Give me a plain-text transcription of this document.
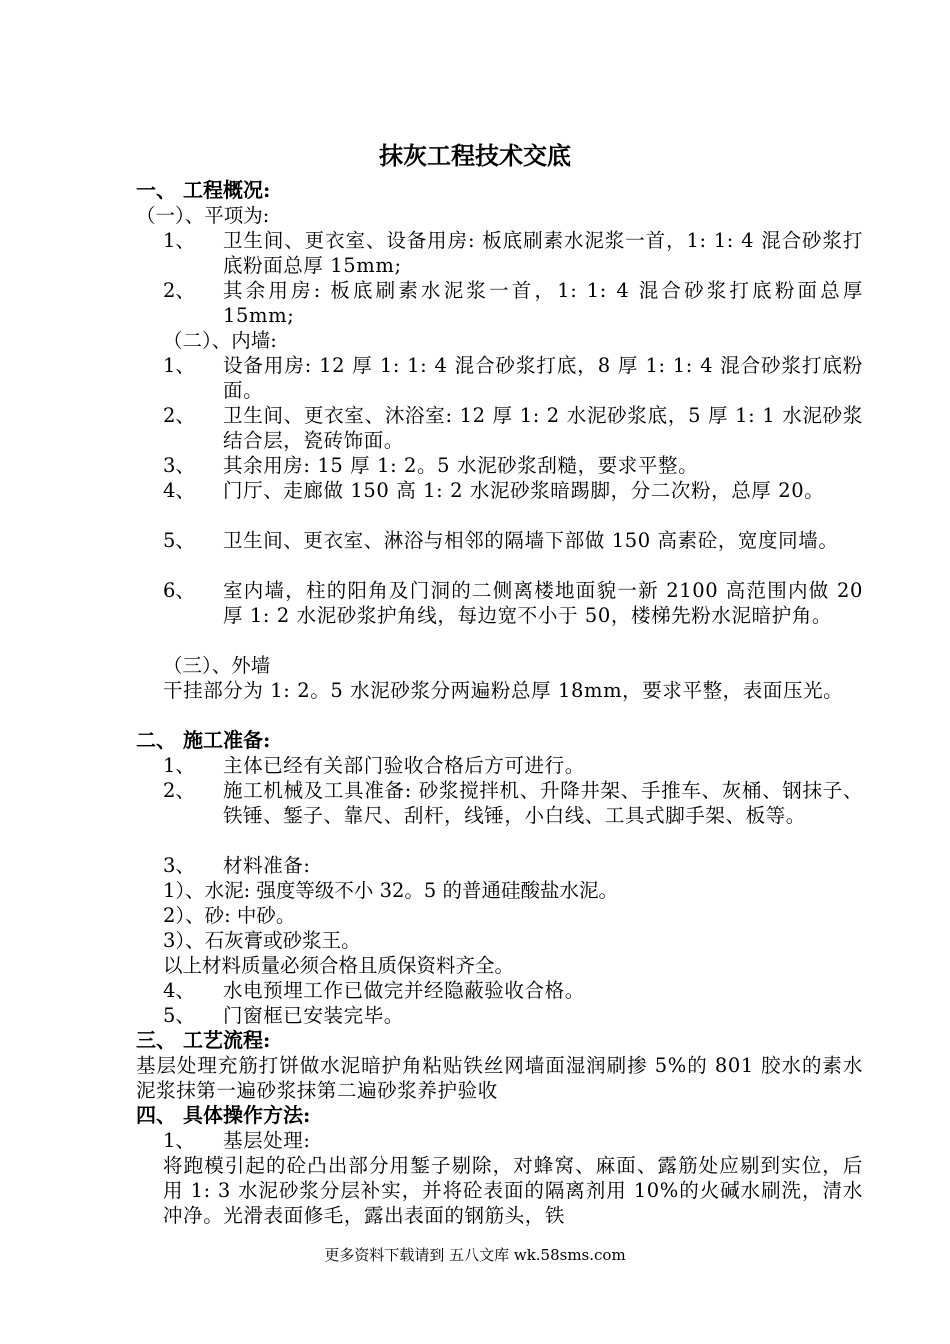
抹灰工程技术交底
一、 工程概况:
（一）、平项为:
1、 卫生间、更衣室、设备用房: 板底刷素水泥浆一首，1: 1: 4 混合砂浆打底粉面总厚 15mm;
2、 其余用房: 板底刷素水泥浆一首，1: 1: 4 混合砂浆打底粉面总厚 15mm;
（二）、内墙:
1、 设备用房: 12 厚 1: 1: 4 混合砂浆打底，8 厚 1: 1: 4 混合砂浆打底粉面。
2、 卫生间、更衣室、沐浴室: 12 厚 1: 2 水泥砂浆底，5 厚 1: 1 水泥砂浆结合层，瓷砖饰面。
3、 其余用房: 15 厚 1: 2。5 水泥砂浆刮糙，要求平整。
4、 门厅、走廊做 150 高 1: 2 水泥砂浆暗踢脚，分二次粉，总厚 20。
5、 卫生间、更衣室、淋浴与相邻的隔墙下部做 150 高素砼，宽度同墙。
6、 室内墙，柱的阳角及门洞的二侧离楼地面貌一新 2100 高范围内做 20 厚 1: 2 水泥砂浆护角线，每边宽不小于 50，楼梯先粉水泥暗护角。
（三）、外墙
干挂部分为 1: 2。5 水泥砂浆分两遍粉总厚 18mm，要求平整，表面压光。
二、 施工准备:
1、 主体已经有关部门验收合格后方可进行。
2、 施工机械及工具准备: 砂浆搅拌机、升降井架、手推车、灰桶、钢抹子、铁锤、錾子、靠尺、刮杆，线锤，小白线、工具式脚手架、板等。
3、 材料准备:
1）、水泥: 强度等级不小 32。5 的普通硅酸盐水泥。
2）、砂: 中砂。
3）、石灰膏或砂浆王。
以上材料质量必须合格且质保资料齐全。
4、 水电预埋工作已做完并经隐蔽验收合格。
5、 门窗框已安装完毕。
三、 工艺流程:
基层处理充筋打饼做水泥暗护角粘贴铁丝网墙面湿润刷掺 5%的 801 胶水的素水泥浆抹第一遍砂浆抹第二遍砂浆养护验收
四、 具体操作方法:
1、 基层处理:
将跑模引起的砼凸出部分用錾子剔除，对蜂窝、麻面、露筋处应剔到实位，后用 1: 3 水泥砂浆分层补实，并将砼表面的隔离剂用 10%的火碱水刷洗，清水冲净。光滑表面修毛，露出表面的钢筋头，铁
更多资料下载请到 五八文库 wk.58sms.com
